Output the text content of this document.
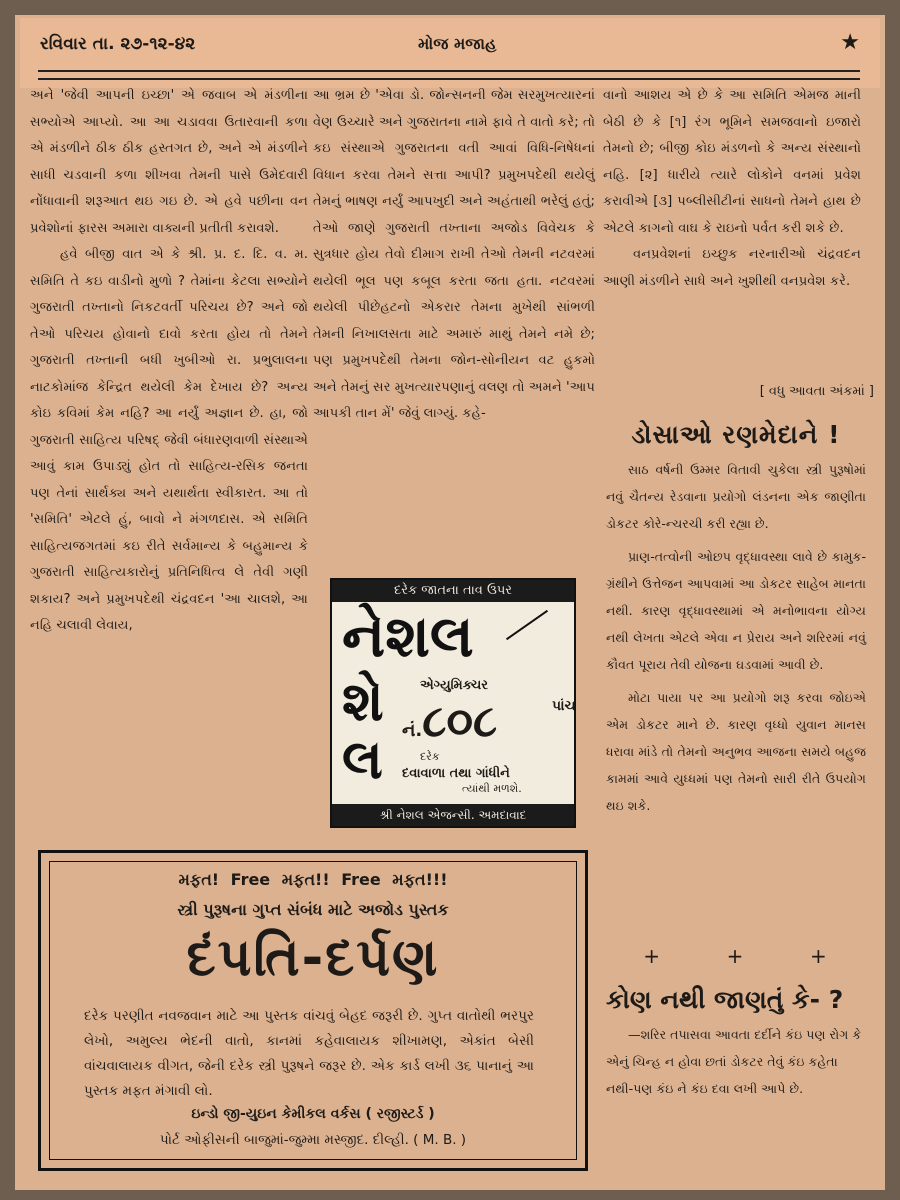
રવિવાર તા. ૨૭-૧૨-૪૨	મોજ મજાહ	★

અને 'જેવી આપની ઇચ્છા' એ જવાબ એ મંડળીના સભ્યોએ આપ્યો. આ આ ચડાવવા ઉતારવાની કળા એ મંડળીને ઠીક ઠીક હસ્તગત છે, અને એ મંડળીને સાધી ચડવાની કળા શીખવા તેમની પાસે ઉમેદવારી નોંધાવાની શરૂઆત થઇ ગઇ છે. એ હવે પછીના વન પ્રવેશોનાં ફારસ અમારા વાક્યની પ્રતીતી કરાવશે.

હવે બીજી વાત એ કે શ્રી. પ્ર. દ. દિ. વ. મ. સમિતિ તે કઇ વાડીનો મુળો ? તેમાંના કેટલા સભ્યોને ગુજરાતી તખ્તાનો નિકટવર્તી પરિચય છે? અને જો તેઓ પરિચય હોવાનો દાવો કરતા હોય તો તેમને ગુજરાતી તખ્તાની બધી ખુબીઓ રા. પ્રભુલાલના નાટકોમાંજ કેન્દ્રિત થયેલી કેમ દેખાય છે? અન્ય કોઇ કવિમાં કેમ નહિ? આ નર્યું અજ્ઞાન છે. હા, જો ગુજરાતી સાહિત્ય પરિષદ્ જેવી બંધારણવાળી સંસ્થાએ આવું કામ ઉપાડ્યું હોત તો સાહિત્ય-રસિક જનતા પણ તેનાં સાર્થક્ય અને યથાર્થતા સ્વીકારત. આ તો 'સમિતિ' એટલે હું, બાવો ને મંગળદાસ. એ સમિતિ સાહિત્યજગતમાં કઇ રીતે સર્વમાન્ય કે બહુમાન્ય કે ગુજરાતી સાહિત્યકારોનું પ્રતિનિધિત્વ લે તેવી ગણી શકાય? અને પ્રમુખપદેથી ચંદ્રવદન 'આ ચાલશે, આ નહિ ચલાવી લેવાય,

આ ભ્રમ છે 'એવા ડો. જોન્સનની જેમ સરમુખત્યારનાં વેણ ઉચ્ચારે અને ગુજરાતના નામે ફાવે તે વાતો કરે; તો કઇ સંસ્થાએ ગુજરાતના વતી આવાં વિધિ-નિષેધનાં વિધાન કરવા તેમને સત્તા આપી? પ્રમુખપદેથી થયેલું તેમનું ભાષણ નર્યું આપખુદી અને અહંતાથી ભરેલું હતું; તેઓ જાણે ગુજરાતી તખ્તાના અજોડ વિવેચક કે સુત્રધાર હોય તેવો દીમાગ રાખી તેઓ તેમની નટવરમાં થયેલી ભૂલ પણ કબૂલ કરતા જતા હતા. નટવરમાં થયેલી પીછેહટનો એકરાર તેમના મુખેથી સાંભળી તેમની નિખાલસતા માટે અમારું માથું તેમને નમે છે; પણ પ્રમુખપદેથી તેમના જોન-સોનીયન વટ હુકમો અને તેમનું સર મુખત્યારપણાનું વલણ તો અમને 'આપ આપકી તાન મેં' જેવું લાગ્યું. કહે-

વાનો આશય એ છે કે આ સમિતિ એમજ માની બેઠી છે કે [૧] રંગ ભૂમિને સમજવાનો ઇજારો તેમનો છે; બીજી કોઇ મંડળનો કે અન્ય સંસ્થાનો નહિ. [૨] ધારીયે ત્યારે લોકોને વનમાં પ્રવેશ કરાવીએ [૩] પબ્લીસીટીનાં સાધનો તેમને હાથ છે એટલે કાગનો વાઘ કે રાઇનો પર્વત કરી શકે છે.

વનપ્રવેશનાં ઇચ્છુક નરનારીઓ ચંદ્રવદન આણી મંડળીને સાધે અને ખુશીથી વનપ્રવેશ કરે.

[ વધુ આવતા અંકમાં ]
ડોસાઓ રણમેદાને !

સાઠ વર્ષની ઉમ્મર વિતાવી ચુકેલા સ્ત્રી પુરૂષોમાં નવું ચૈતન્ય રેડવાના પ્રયોગો લંડનના એક જાણીતા ડોકટર કોરે-ન્ચરચી કરી રહ્યા છે.

પ્રાણ-તત્વોની ઓછપ વૃદ્ધાવસ્થા લાવે છે કામુક-ગ્રંથીને ઉત્તેજન આપવામાં આ ડોકટર સાહેબ માનતા નથી. કારણ વૃદ્ધાવસ્થામાં એ મનોભાવના યોગ્ય નથી લેખતા એટલે એવા ન પ્રેરાય અને શરિરમાં નવું કૌવત પૂરાય તેવી યોજના ઘડવામાં આવી છે.

મોટા પાયા પર આ પ્રયોગો શરૂ કરવા જોઇએ એમ ડોકટર માને છે. કારણ વૃધ્ધો યુવાન માનસ ધરાવા માંડે તો તેમનો અનુભવ આજના સમયે બહુજ કામમાં આવે યુધ્ધમાં પણ તેમનો સારી રીતે ઉપયોગ થઇ શકે.

+	+	+
કોણ નથી જાણતું કે- ?

—શરિર તપાસવા આવતા દર્દીને કંઇ પણ રોગ કે એનું ચિન્હ ન હોવા છતાં ડોકટર તેવું કંઇ કહેતા નથી-પણ કંઇ ને કંઇ દવા લખી આપે છે.

દરેક જાતના તાવ ઉપર
નેશલ
શે
લ
એગ્યુમિક્ચર
નં.૮૦૮	પાંચ
દરેક
દવાવાળા તથા ગાંધીને
ત્યાંથી મળશે.
શ્રી નેશલ એજન્સી. અમદાવાદ
મફત! Free મફત!! Free મફત!!!
સ્ત્રી પુરૂષના ગુપ્ત સંબંધ માટે અજોડ પુસ્તક
દંપતિ-દર્પણ
દરેક પરણીત નવજવાન માટે આ પુસ્તક વાંચવું બેહદ જરૂરી છે. ગુપ્ત વાતોથી ભરપુર લેખો, અમુલ્ય ભેદની વાતો, કાનમાં કહેવાલાયક શીખામણ, એકાંત બેસી વાંચવાલાયક વીગત, જેની દરેક સ્ત્રી પુરૂષને જરૂર છે. એક કાર્ડ લખી ૩૬ પાનાનું આ પુસ્તક મફત મંગાવી લો.
ઇન્ડો જી-યુઇન કેમીકલ વર્કસ ( રજીસ્ટર્ડ )
પોર્ટ ઓફીસની બાજુમાં-જુમ્મા મસ્જીદ. દીલ્હી. ( M. B. )
